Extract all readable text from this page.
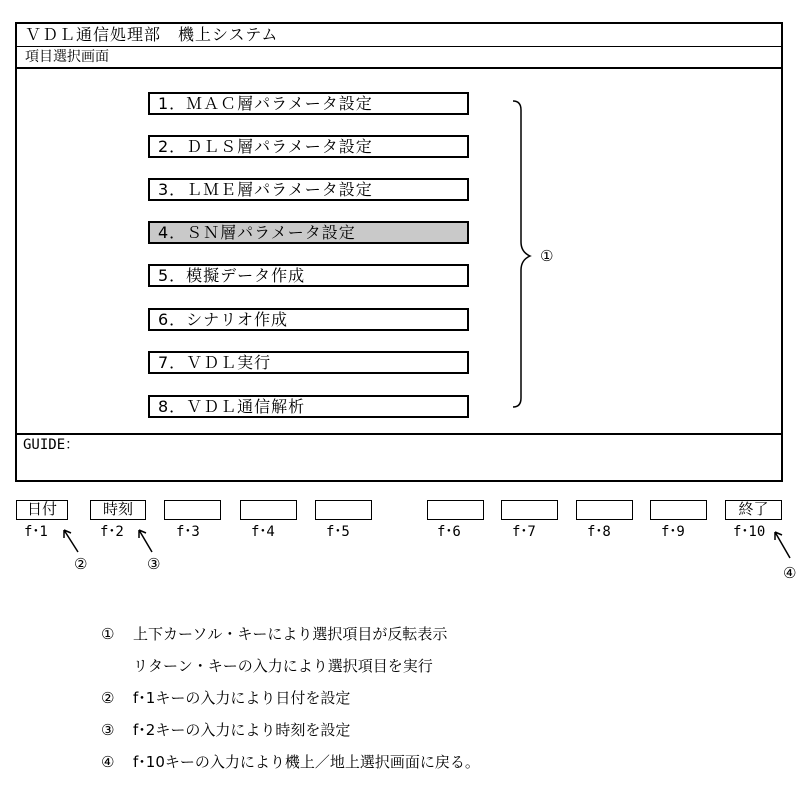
ＶＤＬ通信処理部　機上システム
項目選択画面
1．ＭＡＣ層パラメータ設定
2．ＤＬＳ層パラメータ設定
3．ＬＭＥ層パラメータ設定
4．ＳＮ層パラメータ設定
5．模擬データ作成
6．シナリオ作成
7．ＶＤＬ実行
8．ＶＤＬ通信解析
GUIDE：
①
日付	時刻	終了
f･1	f･2	f･3	f･4	f･5	f･6	f･7	f･8	f･9	f･10
②	③	④
① 上下カーソル・キーにより選択項目が反転表示
リターン・キーの入力により選択項目を実行
② f･1キーの入力により日付を設定
③ f･2キーの入力により時刻を設定
④ f･10キーの入力により機上／地上選択画面に戻る。
